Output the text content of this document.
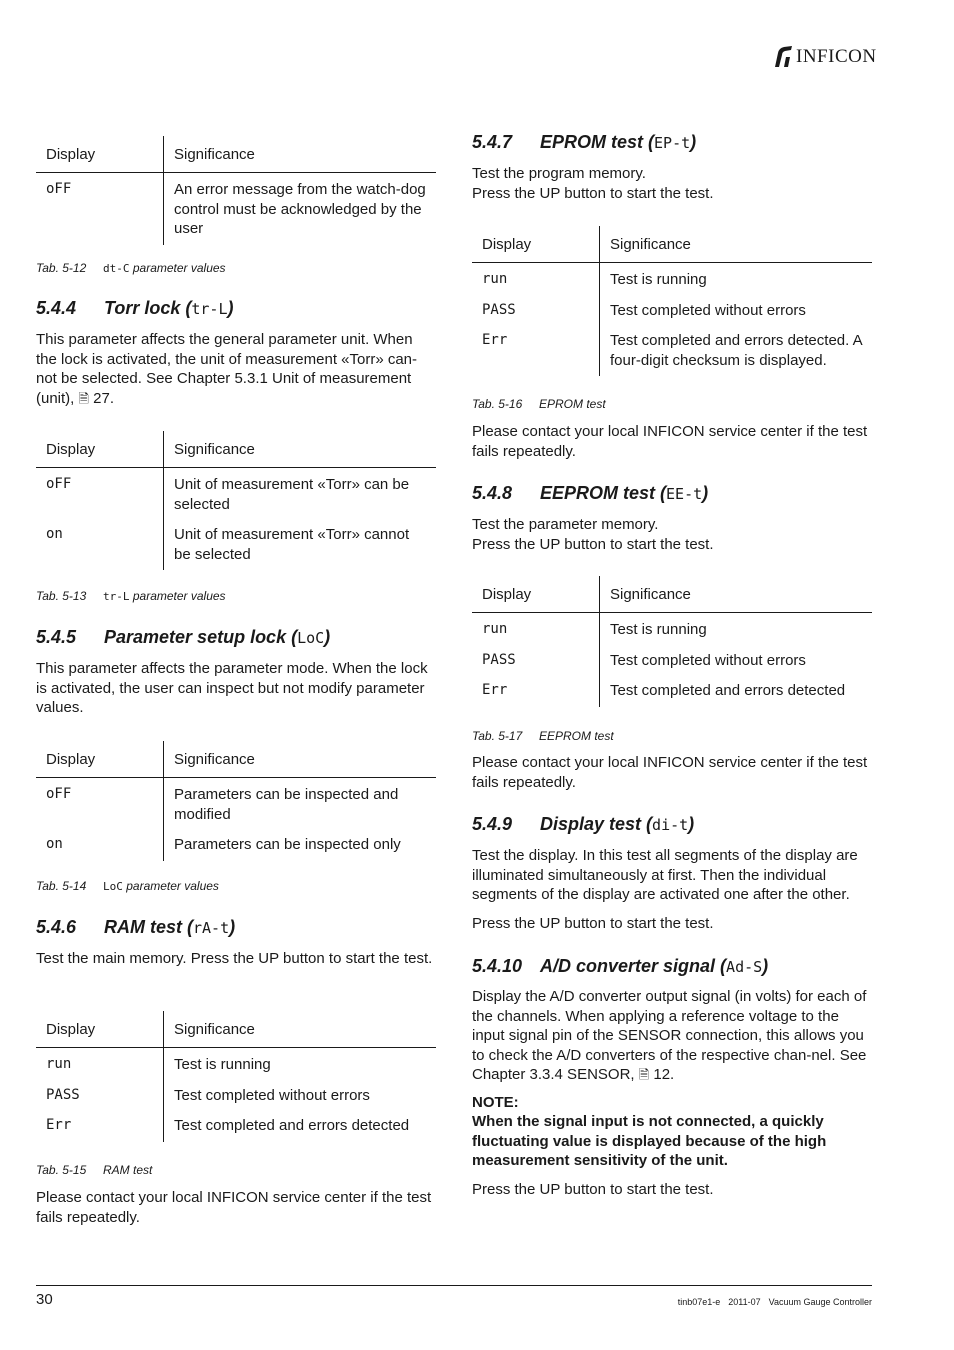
INFICON
Display	Significance
oFF	An error message from the watch-dog control must be acknowledged by the user
Tab. 5-12 dt-C parameter values
5.4.4 Torr lock (tr-L)

This parameter affects the general parameter unit. When the lock is activated, the unit of measurement «Torr» can-not be selected. See Chapter 5.3.1 Unit of measurement (unit), 🗎 27.

Display	Significance
oFF	Unit of measurement «Torr» can be selected
on	Unit of measurement «Torr» cannot be selected
Tab. 5-13 tr-L parameter values
5.4.5 Parameter setup lock (LoC)

This parameter affects the parameter mode. When the lock is activated, the user can inspect but not modify parameter values.

Display	Significance
oFF	Parameters can be inspected and modified
on	Parameters can be inspected only
Tab. 5-14 LoC parameter values
5.4.6 RAM test (rA-t)

Test the main memory. Press the UP button to start the test.

Display	Significance
run	Test is running
PASS	Test completed without errors
Err	Test completed and errors detected
Tab. 5-15 RAM test

Please contact your local INFICON service center if the test fails repeatedly.

5.4.7 EPROM test (EP-t)

Test the program memory.
Press the UP button to start the test.

Display	Significance
run	Test is running
PASS	Test completed without errors
Err	Test completed and errors detected. A four-digit checksum is displayed.
Tab. 5-16 EPROM test

Please contact your local INFICON service center if the test fails repeatedly.

5.4.8 EEPROM test (EE-t)

Test the parameter memory.
Press the UP button to start the test.

Display	Significance
run	Test is running
PASS	Test completed without errors
Err	Test completed and errors detected
Tab. 5-17 EEPROM test

Please contact your local INFICON service center if the test fails repeatedly.

5.4.9 Display test (di-t)

Test the display. In this test all segments of the display are illuminated simultaneously at first. Then the individual segments of the display are activated one after the other.

Press the UP button to start the test.

5.4.10 A/D converter signal (Ad-S)

Display the A/D converter output signal (in volts) for each of the channels. When applying a reference voltage to the input signal pin of the SENSOR connection, this allows you to check the A/D converters of the respective chan-nel. See Chapter 3.3.4 SENSOR, 🗎 12.

NOTE:

When the signal input is not connected, a quickly fluctuating value is displayed because of the high measurement sensitivity of the unit.

Press the UP button to start the test.

30	tinb07e1-e 2011-07 Vacuum Gauge Controller
